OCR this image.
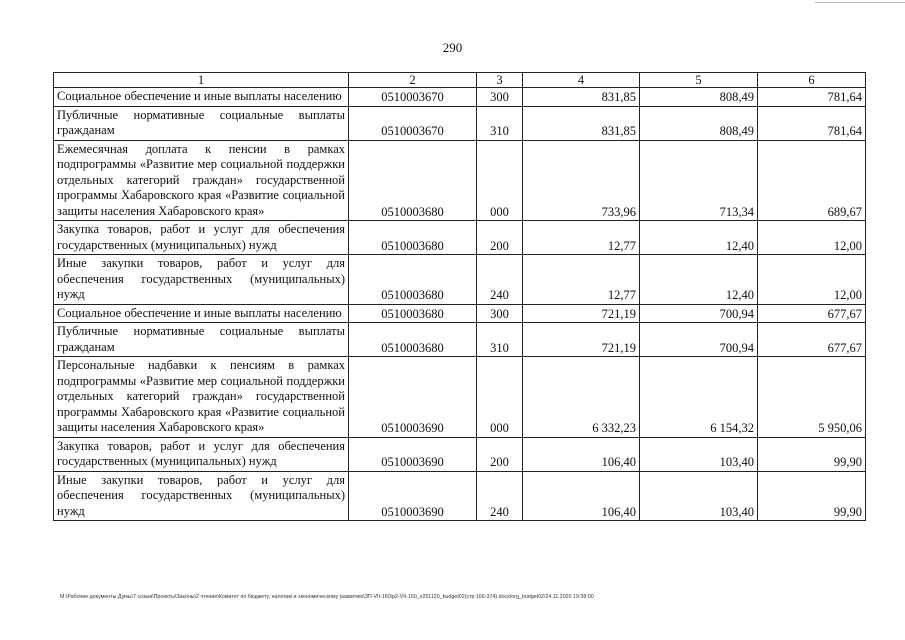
290
1	2	3	4	5	6
Социальное обеспечение и иные выплаты населению	0510003670	300	831,85	808,49	781,64
Публичные нормативные социальные выплаты гражданам	0510003670	310	831,85	808,49	781,64
Ежемесячная доплата к пенсии в рамках подпрограммы «Развитие мер социальной поддержки отдельных категорий граждан» государственной программы Хабаровского края «Развитие социальной защиты населения Хабаровского края»	0510003680	000	733,96	713,34	689,67
Закупка товаров, работ и услуг для обеспечения государственных (муниципальных) нужд	0510003680	200	12,77	12,40	12,00
Иные закупки товаров, работ и услуг для обеспечения государственных (муниципальных) нужд	0510003680	240	12,77	12,40	12,00
Социальное обеспечение и иные выплаты населению	0510003680	300	721,19	700,94	677,67
Публичные нормативные социальные выплаты гражданам	0510003680	310	721,19	700,94	677,67
Персональные надбавки к пенсиям в рамках подпрограммы «Развитие мер социальной поддержки отдельных категорий граждан» государственной программы Хабаровского края «Развитие социальной защиты населения Хабаровского края»	0510003690	000	6 332,23	6 154,32	5 950,06
Закупка товаров, работ и услуг для обеспечения государственных (муниципальных) нужд	0510003690	200	106,40	103,40	99,90
Иные закупки товаров, работ и услуг для обеспечения государственных (муниципальных) нужд	0510003690	240	106,40	103,40	99,90
M:\Рабочие документы Думы\7 созыв\Проекты\Законы\2 чтение\Комитет по бюджету, налогам и экономическому развитию\ЗП-VII-160\p2-VII-160_v251120_budget02(стр 166-374).docx/org_budget02/24.11.2020 19:38:00
